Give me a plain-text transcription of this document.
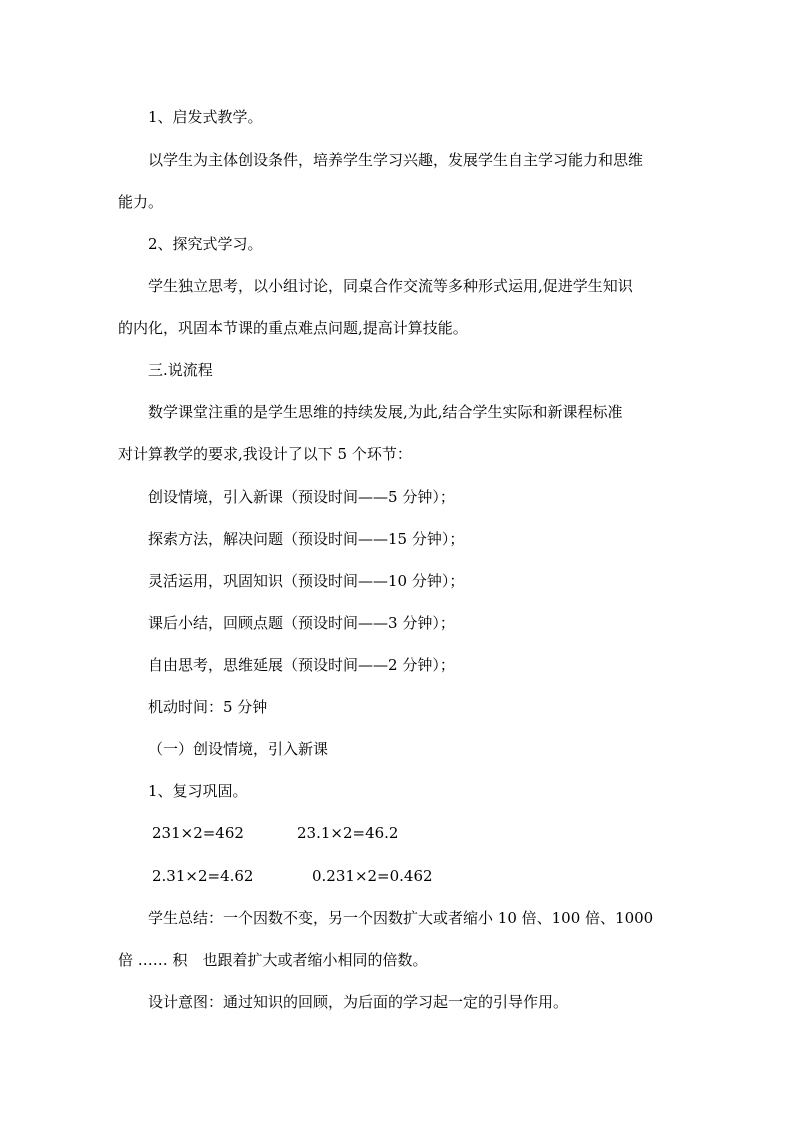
1、启发式教学。
以学生为主体创设条件，培养学生学习兴趣，发展学生自主学习能力和思维
能力。
2、探究式学习。
学生独立思考，以小组讨论，同桌合作交流等多种形式运用,促进学生知识
的内化，巩固本节课的重点难点问题,提高计算技能。
三.说流程
数学课堂注重的是学生思维的持续发展,为此,结合学生实际和新课程标准
对计算教学的要求,我设计了以下 5 个环节：
创设情境，引入新课（预设时间——5 分钟）；
探索方法，解决问题（预设时间——15 分钟）；
灵活运用，巩固知识（预设时间——10 分钟）；
课后小结，回顾点题（预设时间——3 分钟）；
自由思考，思维延展（预设时间——2 分钟）；
机动时间：5 分钟
（一）创设情境，引入新课
1、复习巩固。
231×2=462	23.1×2=46.2
2.31×2=4.62	0.231×2=0.462
学生总结：一个因数不变，另一个因数扩大或者缩小 10 倍、100 倍、1000
倍 …… 积　也跟着扩大或者缩小相同的倍数。
设计意图：通过知识的回顾，为后面的学习起一定的引导作用。
